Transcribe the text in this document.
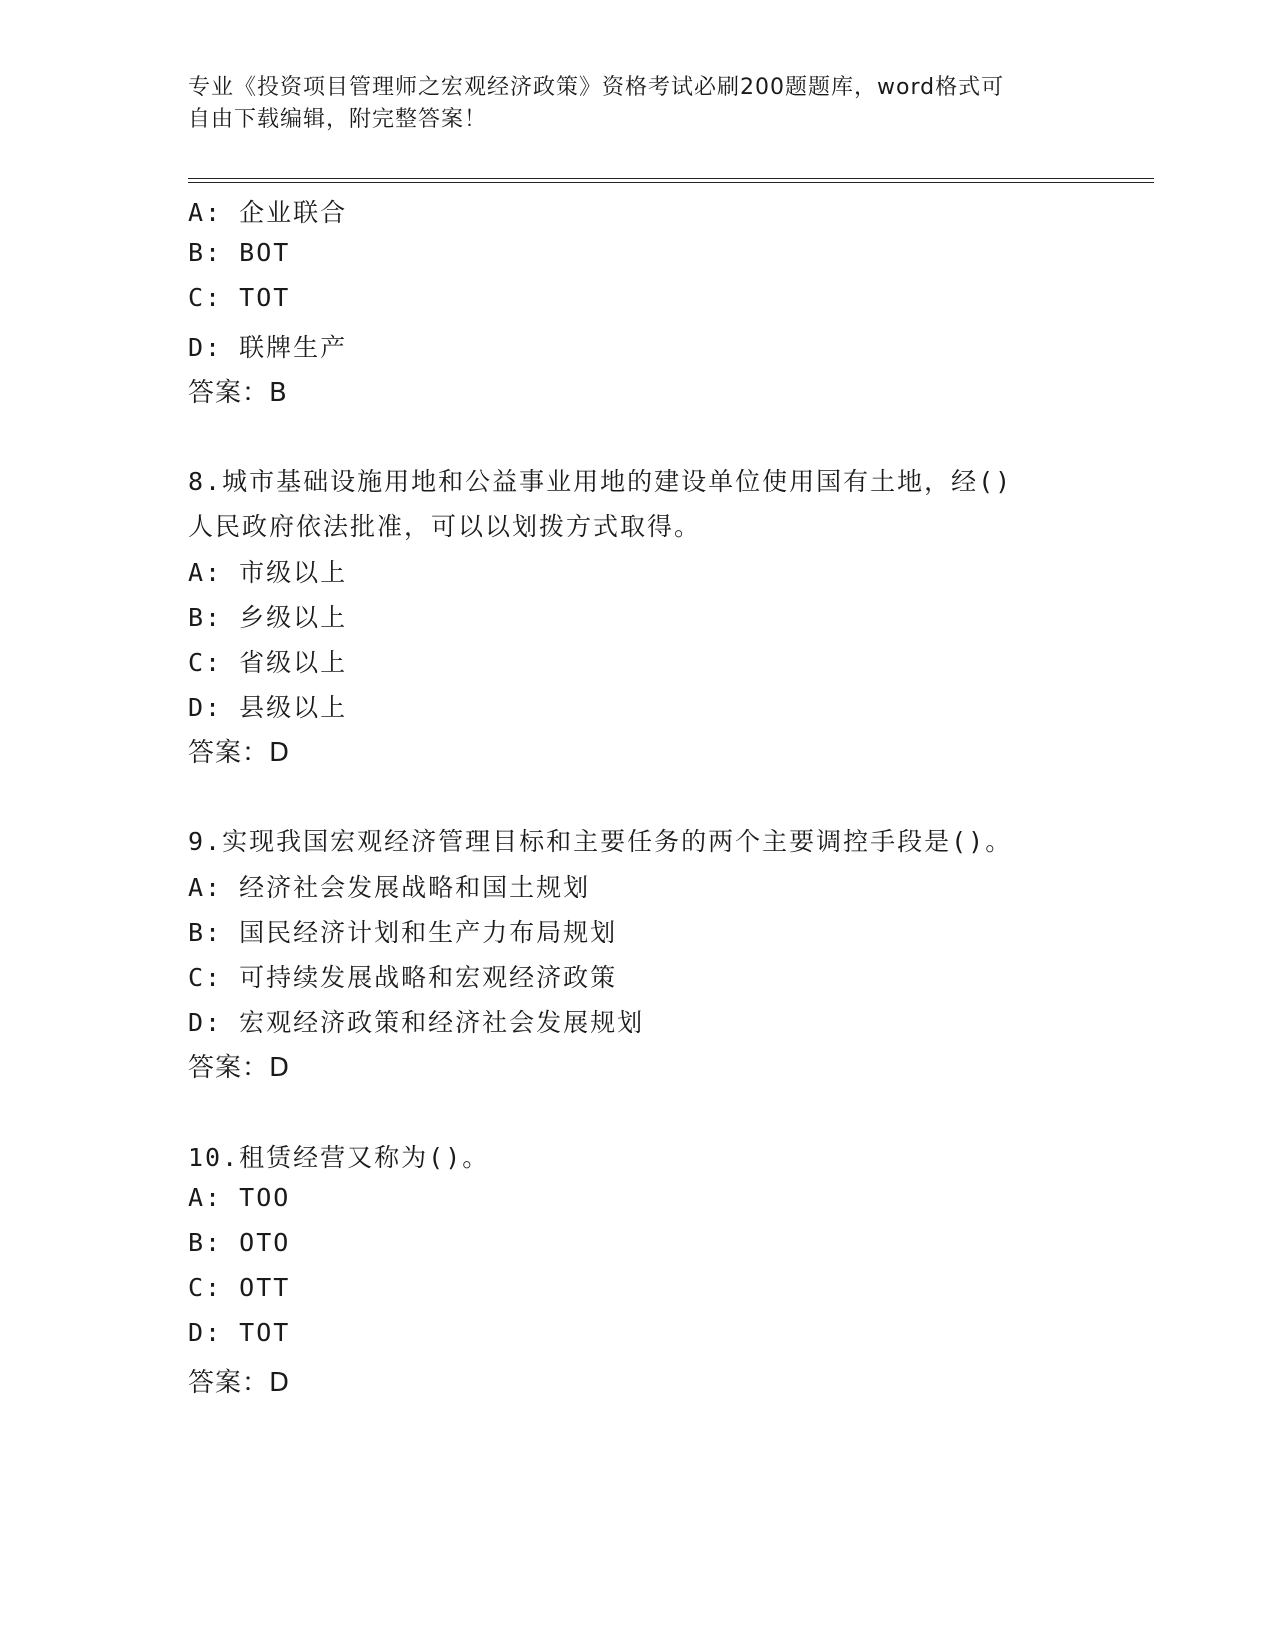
专业《投资项目管理师之宏观经济政策》资格考试必刷200题题库，word格式可
自由下载编辑，附完整答案！
A: 企业联合
B: BOT
C: TOT
D: 联牌生产
答案：B
8.城市基础设施用地和公益事业用地的建设单位使用国有土地，经()
人民政府依法批准，可以以划拨方式取得。
A: 市级以上
B: 乡级以上
C: 省级以上
D: 县级以上
答案：D
9.实现我国宏观经济管理目标和主要任务的两个主要调控手段是()。
A: 经济社会发展战略和国土规划
B: 国民经济计划和生产力布局规划
C: 可持续发展战略和宏观经济政策
D: 宏观经济政策和经济社会发展规划
答案：D
10.租赁经营又称为()。
A: TOO
B: OTO
C: OTT
D: TOT
答案：D
